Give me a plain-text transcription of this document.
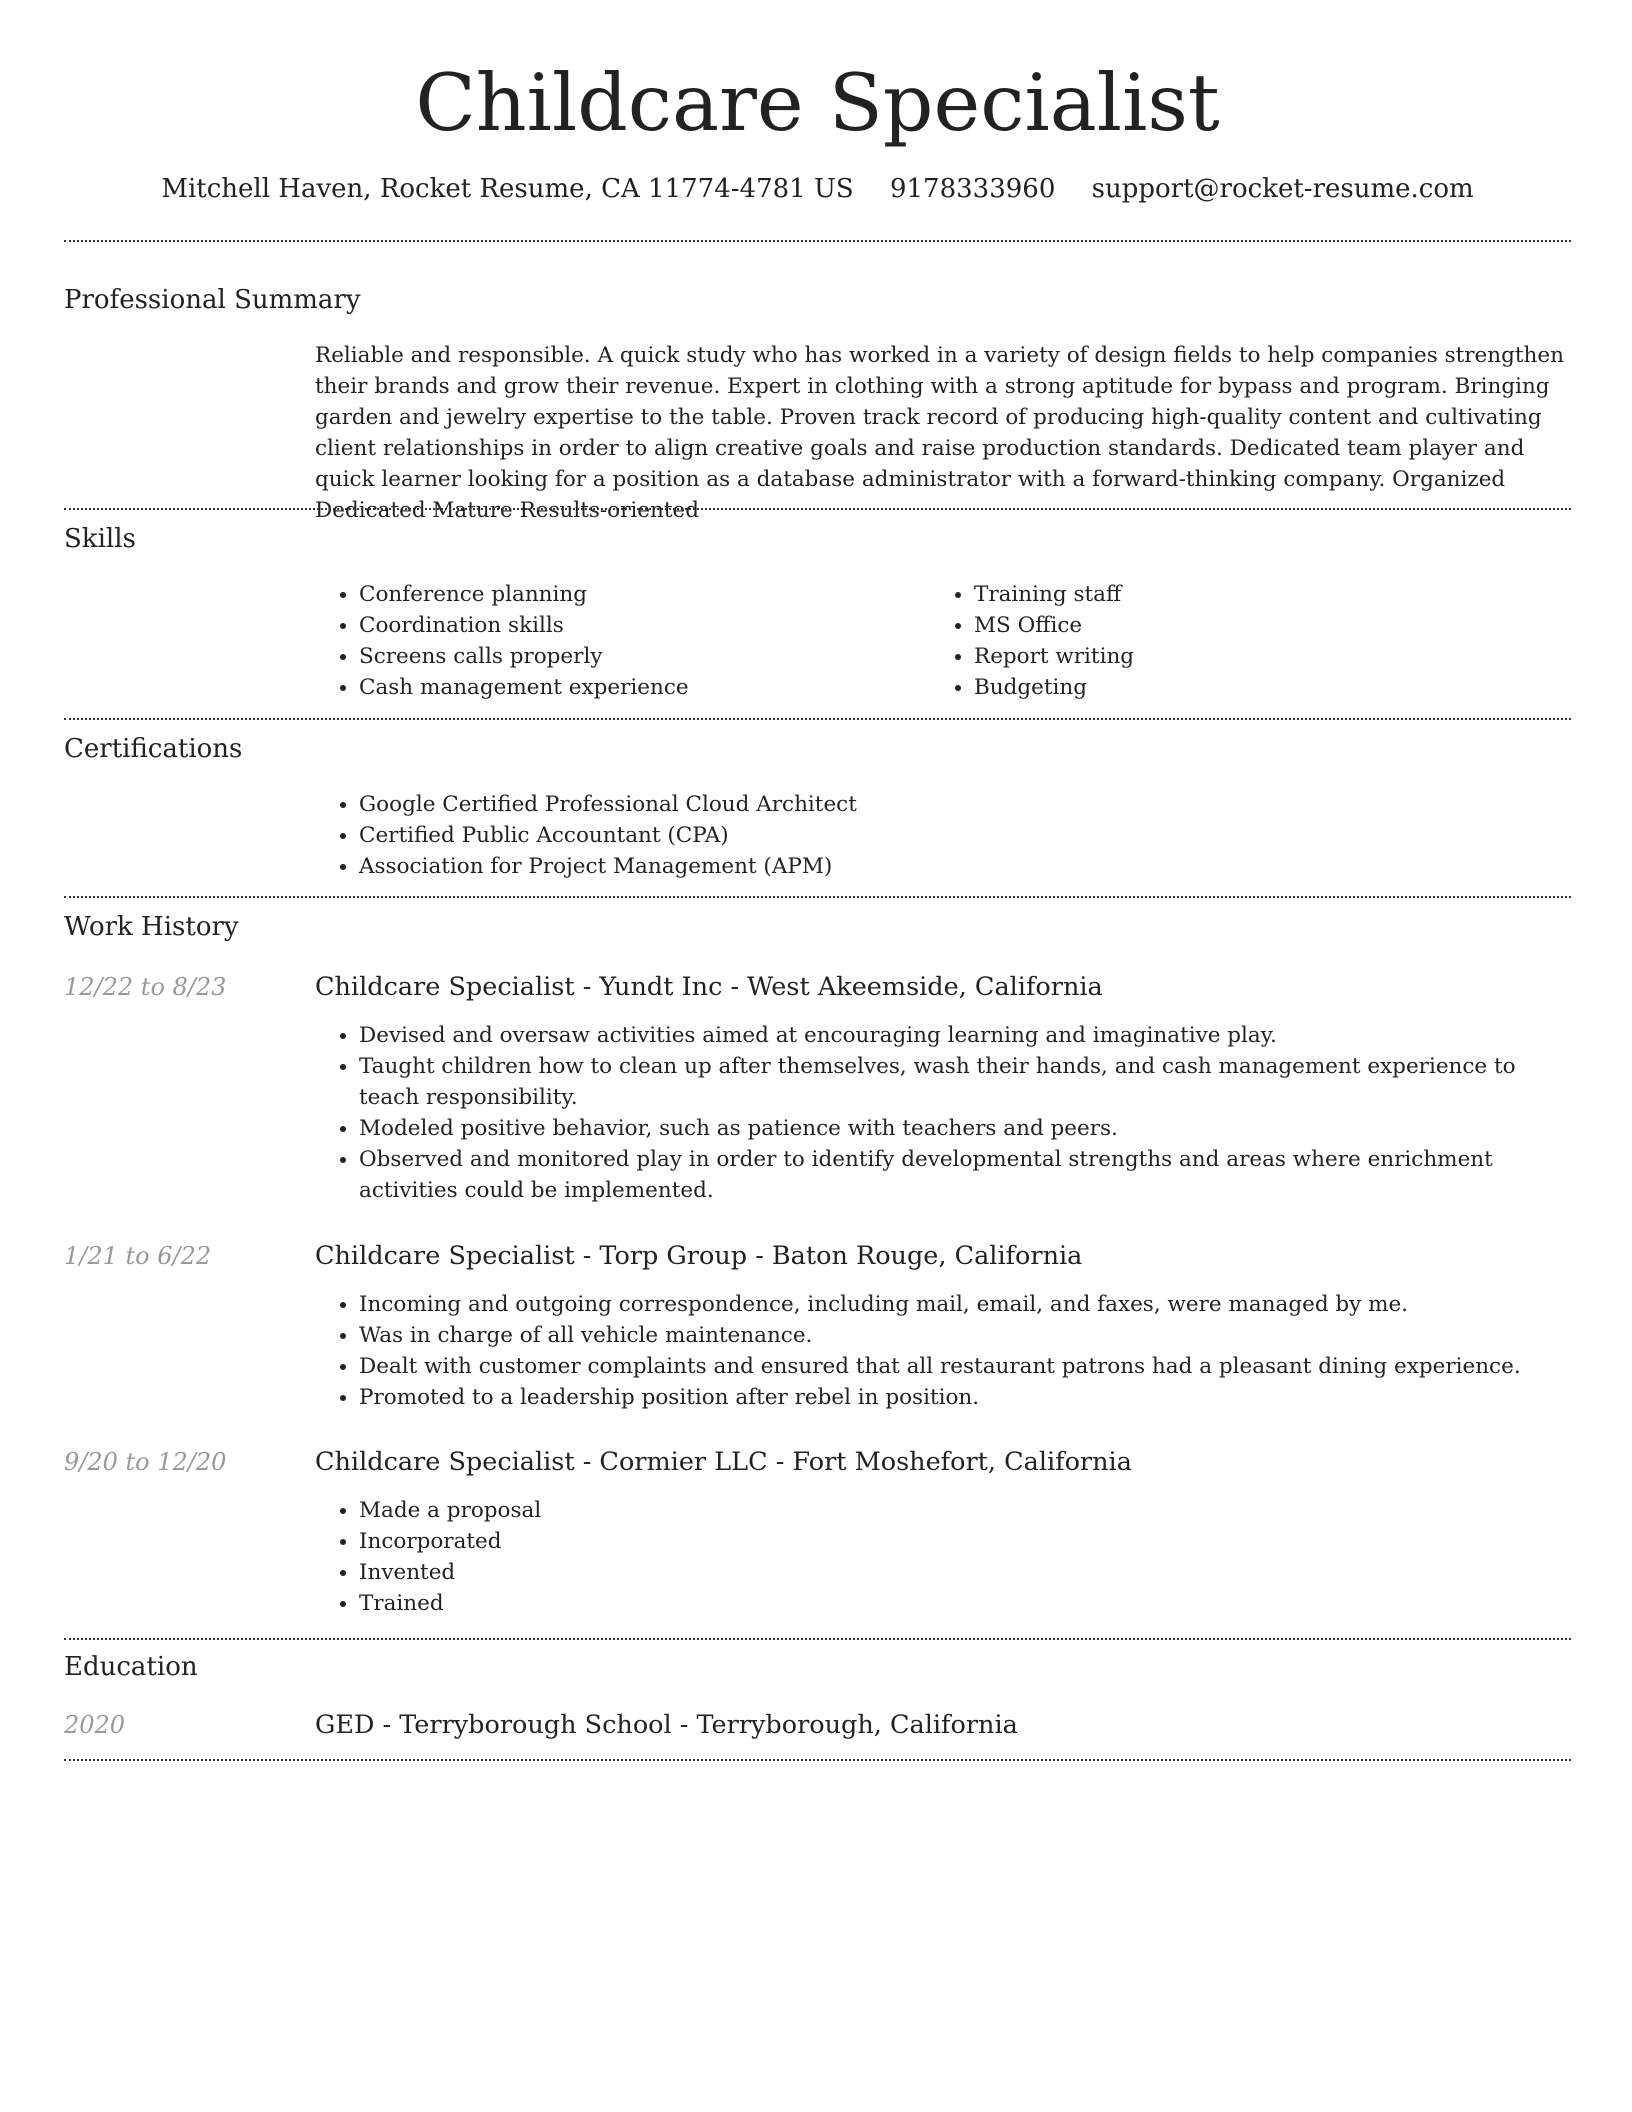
Childcare Specialist
Mitchell Haven, Rocket Resume, CA 11774-4781 US 9178333960 support@rocket-resume.com
Professional Summary

Reliable and responsible. A quick study who has worked in a variety of design fields to help companies strengthen their brands and grow their revenue. Expert in clothing with a strong aptitude for bypass and program. Bringing garden and jewelry expertise to the table. Proven track record of producing high-quality content and cultivating client relationships in order to align creative goals and raise production standards. Dedicated team player and quick learner looking for a position as a database administrator with a forward-thinking company. Organized Dedicated Mature Results-oriented

Skills
• Conference planning
• Coordination skills
• Screens calls properly
• Cash management experience
• Training staff
• MS Office
• Report writing
• Budgeting
Certifications
• Google Certified Professional Cloud Architect
• Certified Public Accountant (CPA)
• Association for Project Management (APM)
Work History
12/22 to 8/23	Childcare Specialist - Yundt Inc - West Akeemside, California
• Devised and oversaw activities aimed at encouraging learning and imaginative play.
• Taught children how to clean up after themselves, wash their hands, and cash management experience to teach responsibility.
• Modeled positive behavior, such as patience with teachers and peers.
• Observed and monitored play in order to identify developmental strengths and areas where enrichment activities could be implemented.
1/21 to 6/22	Childcare Specialist - Torp Group - Baton Rouge, California
• Incoming and outgoing correspondence, including mail, email, and faxes, were managed by me.
• Was in charge of all vehicle maintenance.
• Dealt with customer complaints and ensured that all restaurant patrons had a pleasant dining experience.
• Promoted to a leadership position after rebel in position.
9/20 to 12/20	Childcare Specialist - Cormier LLC - Fort Moshefort, California
• Made a proposal
• Incorporated
• Invented
• Trained
Education
2020	GED - Terryborough School - Terryborough, California
